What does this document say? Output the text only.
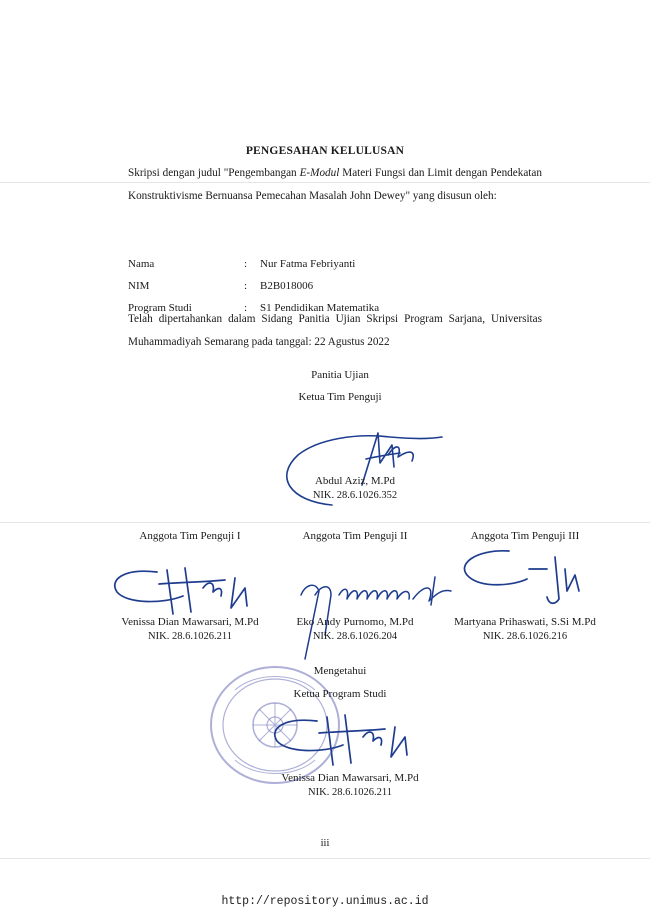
PENGESAHAN KELULUSAN
Skripsi dengan judul "Pengembangan E-Modul Materi Fungsi dan Limit dengan Pendekatan Konstruktivisme Bernuansa Pemecahan Masalah John Dewey" yang disusun oleh:
Nama	: Nur Fatma Febriyanti
NIM	: B2B018006
Program Studi	: S1 Pendidikan Matematika
Telah dipertahankan dalam Sidang Panitia Ujian Skripsi Program Sarjana, Universitas Muhammadiyah Semarang pada tanggal: 22 Agustus 2022
Panitia Ujian
Ketua Tim Penguji
Abdul Aziz, M.Pd
NIK. 28.6.1026.352
Anggota Tim Penguji I	Anggota Tim Penguji II	Anggota Tim Penguji III
Venissa Dian Mawarsari, M.Pd
NIK. 28.6.1026.211
Eko Andy Purnomo, M.Pd
NIK. 28.6.1026.204
Martyana Prihaswati, S.Si M.Pd
NIK. 28.6.1026.216
Mengetahui
Ketua Program Studi
Venissa Dian Mawarsari, M.Pd
NIK. 28.6.1026.211
iii
http://repository.unimus.ac.id
